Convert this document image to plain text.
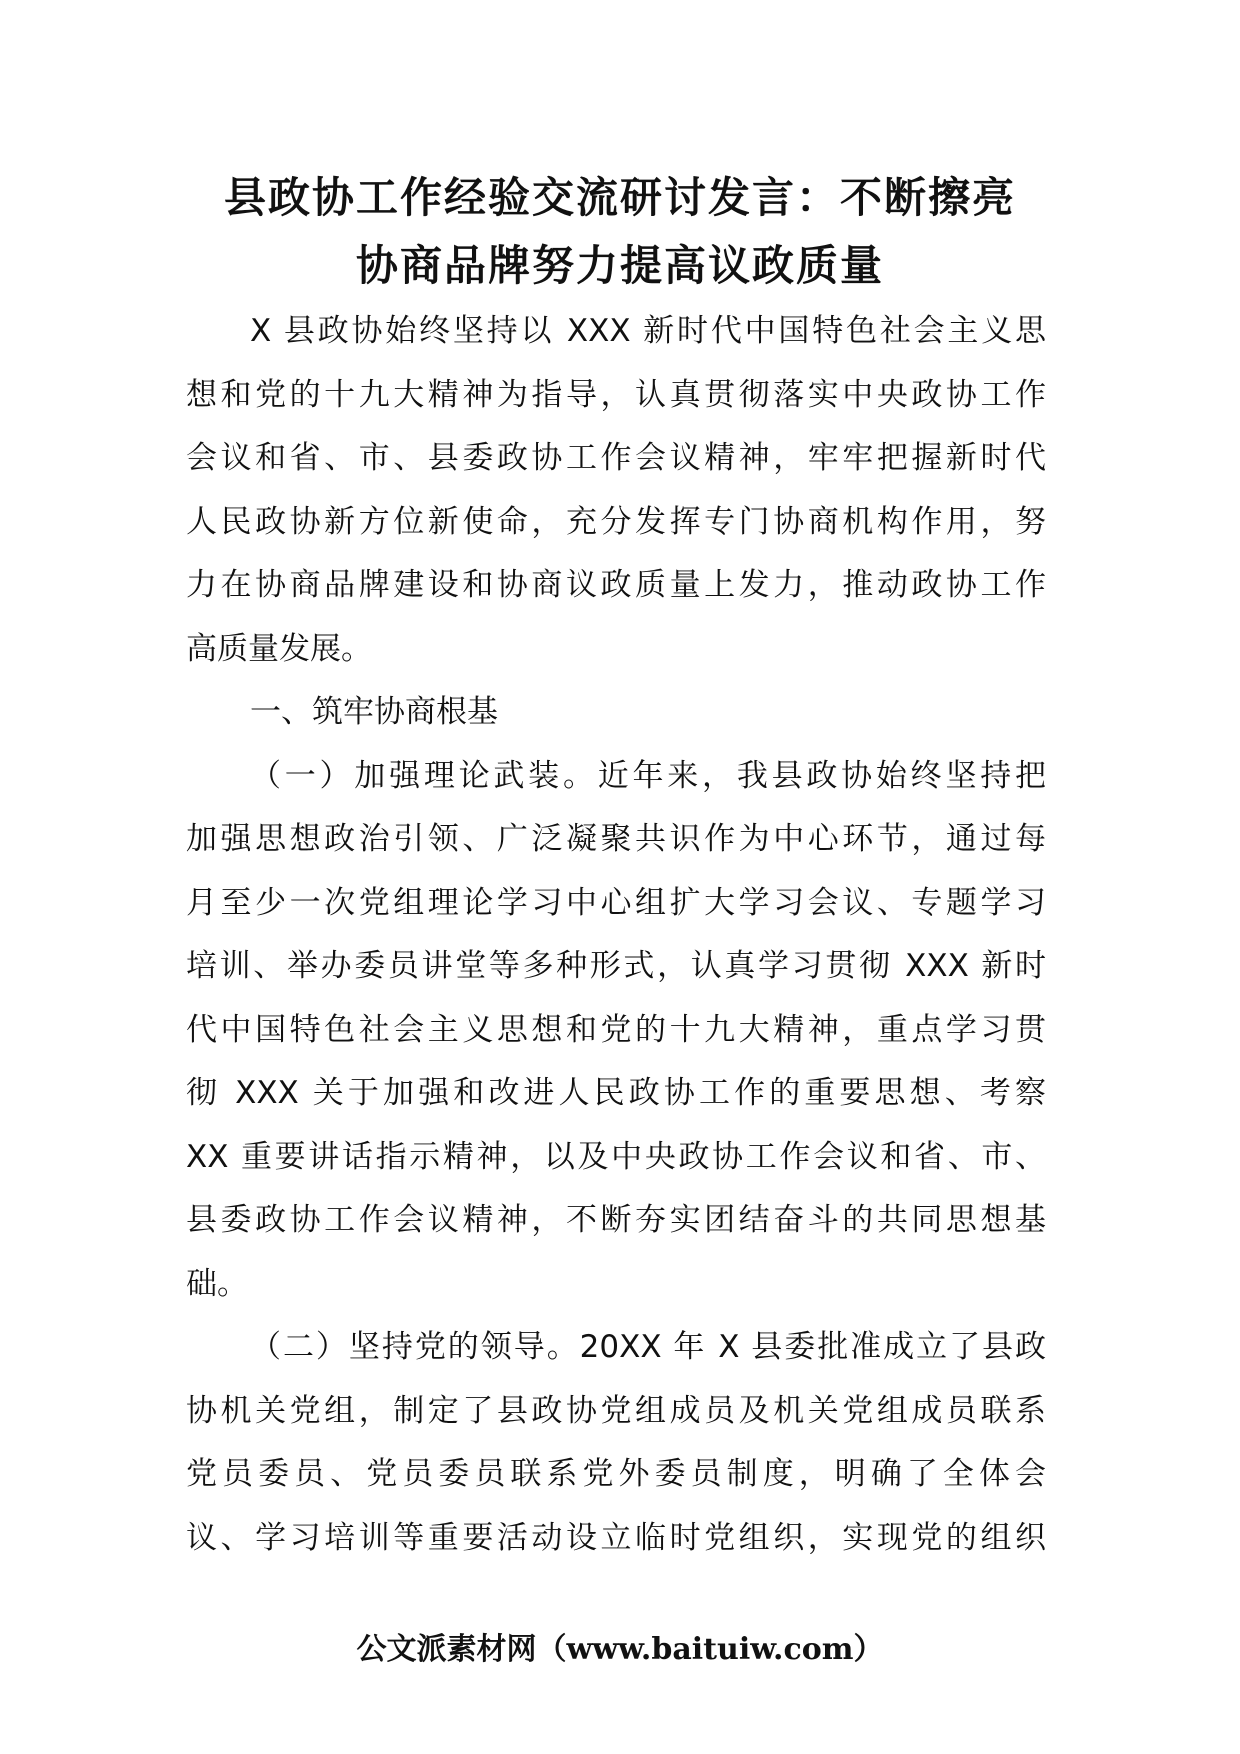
县政协工作经验交流研讨发言：不断擦亮
协商品牌努力提高议政质量
X 县政协始终坚持以 XXX 新时代中国特色社会主义思
想和党的十九大精神为指导，认真贯彻落实中央政协工作
会议和省、市、县委政协工作会议精神，牢牢把握新时代
人民政协新方位新使命，充分发挥专门协商机构作用，努
力在协商品牌建设和协商议政质量上发力，推动政协工作
高质量发展。
一、筑牢协商根基
（一）加强理论武装。近年来，我县政协始终坚持把
加强思想政治引领、广泛凝聚共识作为中心环节，通过每
月至少一次党组理论学习中心组扩大学习会议、专题学习
培训、举办委员讲堂等多种形式，认真学习贯彻 XXX 新时
代中国特色社会主义思想和党的十九大精神，重点学习贯
彻 XXX 关于加强和改进人民政协工作的重要思想、考察
XX 重要讲话指示精神，以及中央政协工作会议和省、市、
县委政协工作会议精神，不断夯实团结奋斗的共同思想基
础。
（二）坚持党的领导。20XX 年 X 县委批准成立了县政
协机关党组，制定了县政协党组成员及机关党组成员联系
党员委员、党员委员联系党外委员制度，明确了全体会
议、学习培训等重要活动设立临时党组织，实现党的组织
公文派素材网（www.baituiw.com）
